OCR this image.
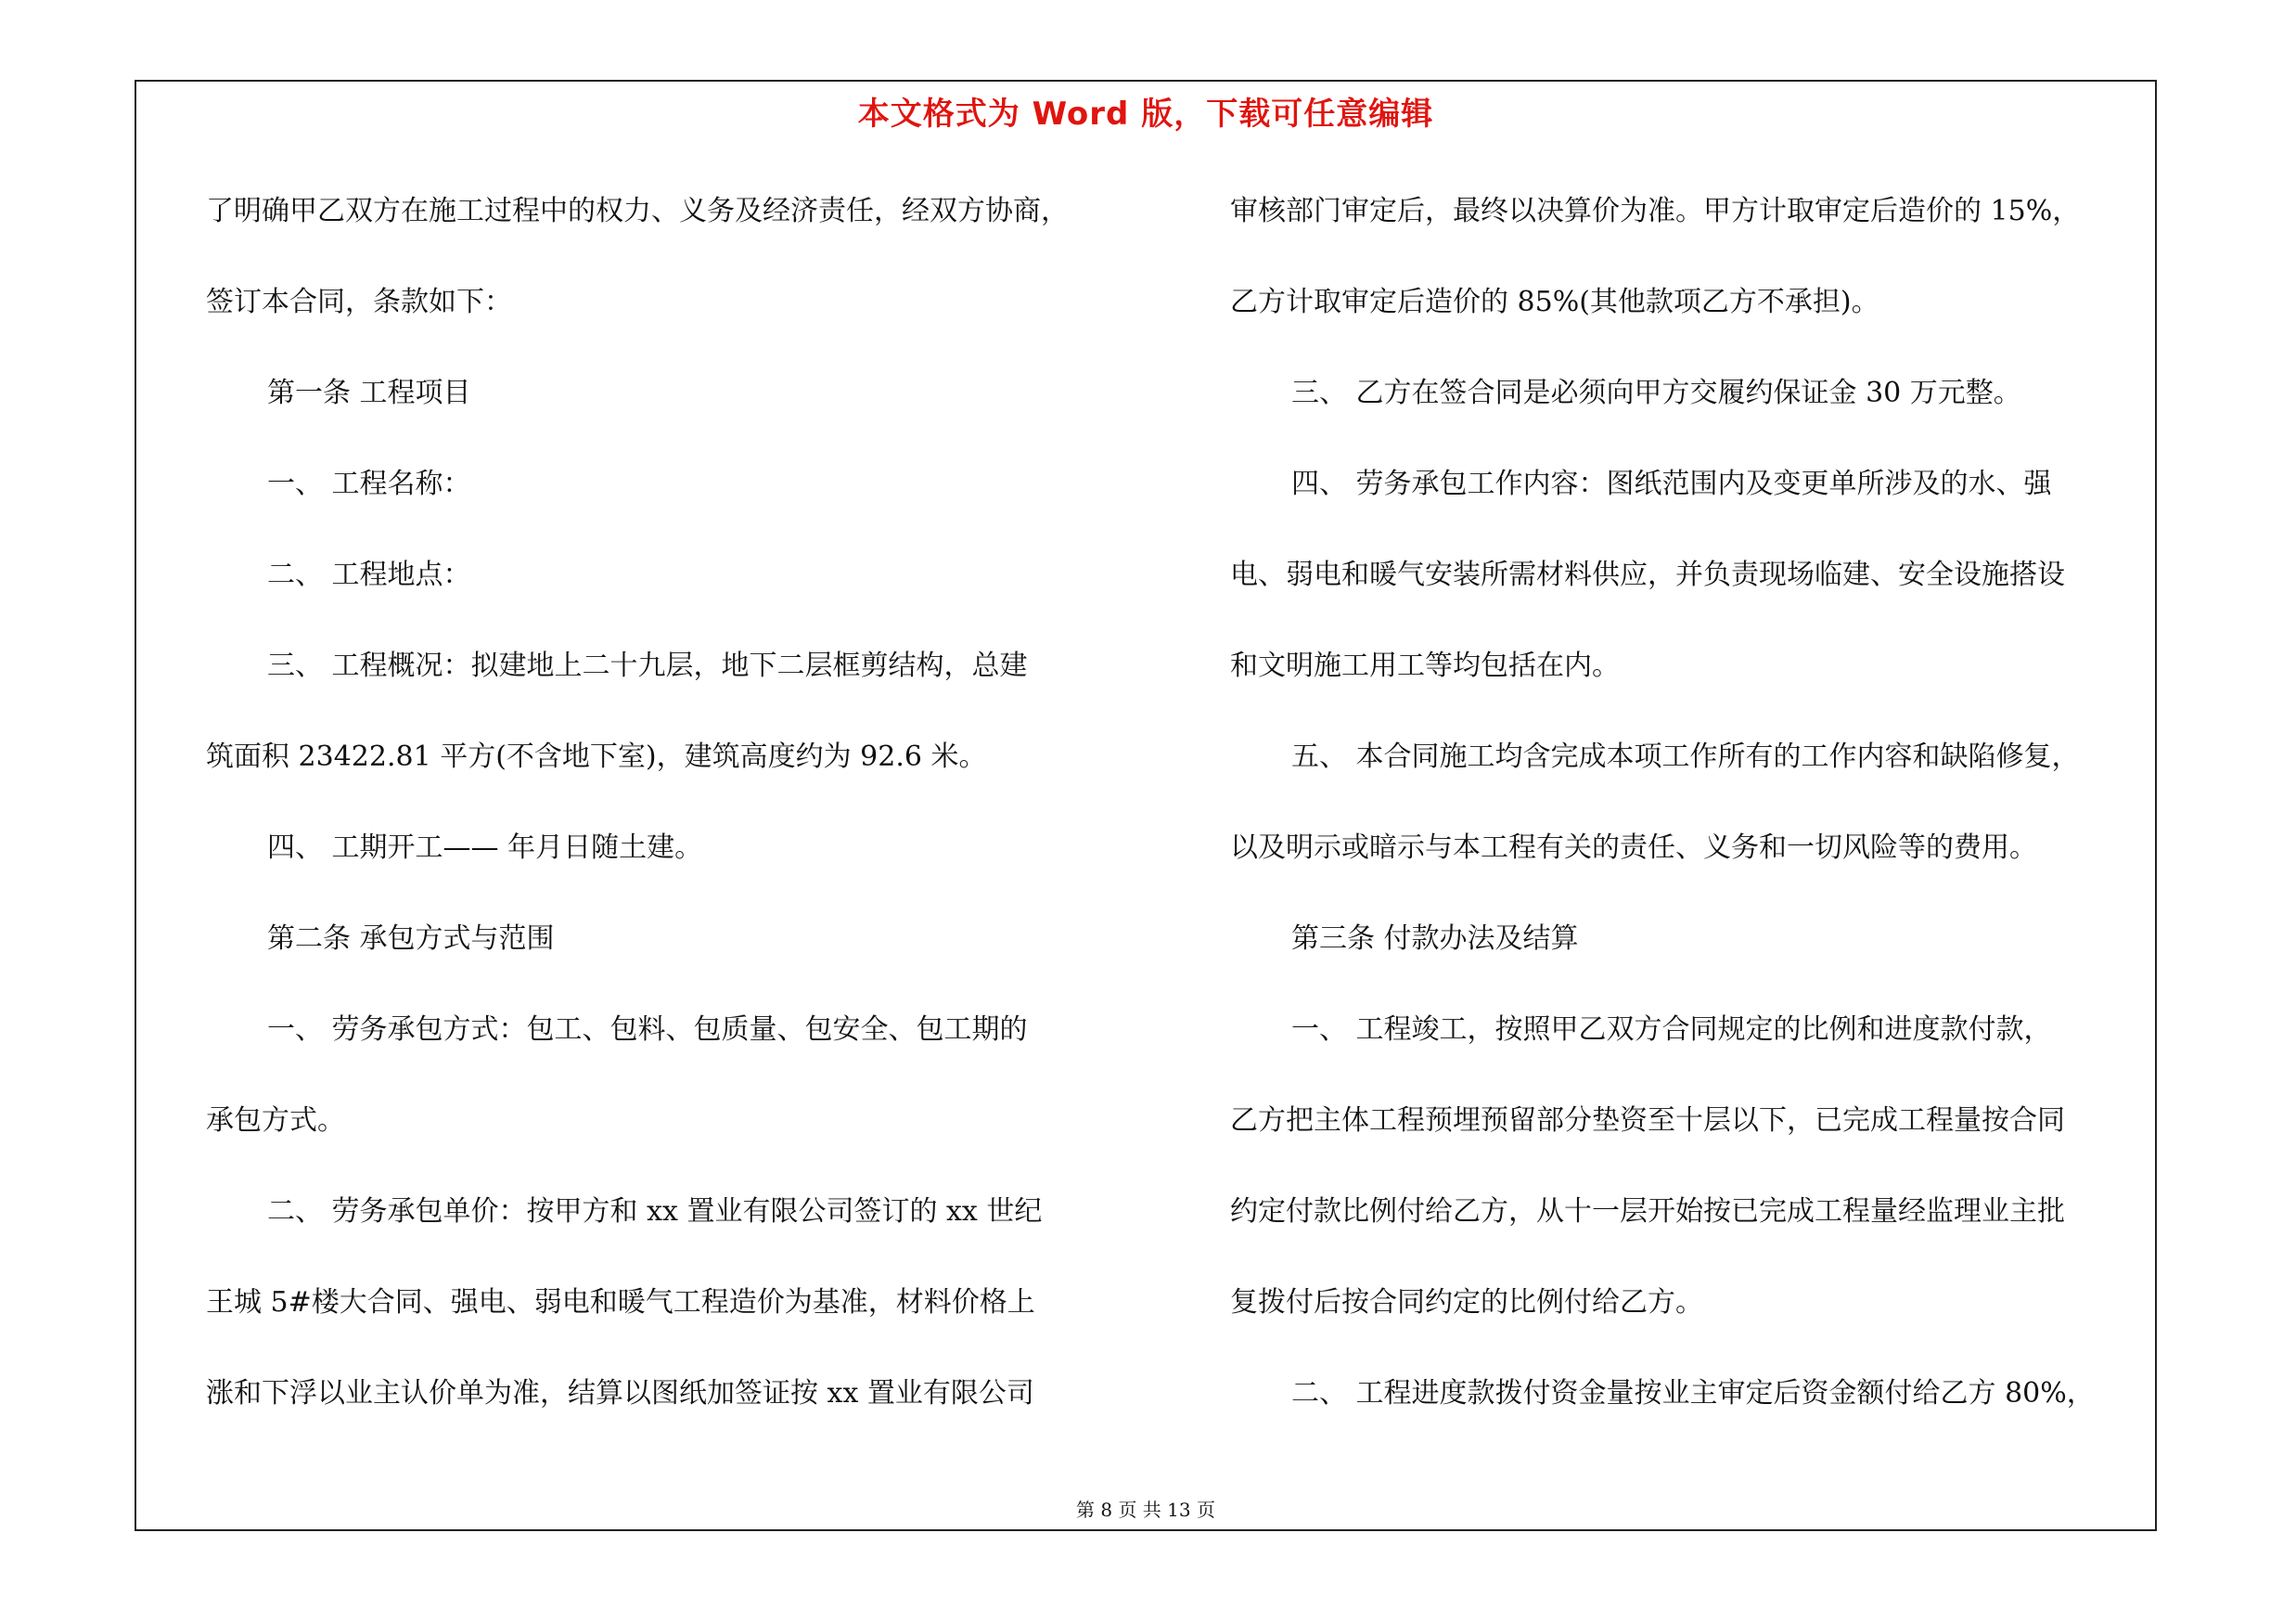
本文格式为 Word 版，下载可任意编辑
了明确甲乙双方在施工过程中的权力、义务及经济责任，经双方协商，
签订本合同，条款如下：
第一条 工程项目
一、 工程名称：
二、 工程地点：
三、 工程概况：拟建地上二十九层，地下二层框剪结构，总建
筑面积 23422.81 平方(不含地下室)，建筑高度约为 92.6 米。
四、 工期开工—— 年月日随土建。
第二条 承包方式与范围
一、 劳务承包方式：包工、包料、包质量、包安全、包工期的
承包方式。
二、 劳务承包单价：按甲方和 xx 置业有限公司签订的 xx 世纪
王城 5#楼大合同、强电、弱电和暖气工程造价为基准，材料价格上
涨和下浮以业主认价单为准，结算以图纸加签证按 xx 置业有限公司
审核部门审定后，最终以决算价为准。甲方计取审定后造价的 15%，
乙方计取审定后造价的 85%(其他款项乙方不承担)。
三、 乙方在签合同是必须向甲方交履约保证金 30 万元整。
四、 劳务承包工作内容：图纸范围内及变更单所涉及的水、强
电、弱电和暖气安装所需材料供应，并负责现场临建、安全设施搭设
和文明施工用工等均包括在内。
五、 本合同施工均含完成本项工作所有的工作内容和缺陷修复，
以及明示或暗示与本工程有关的责任、义务和一切风险等的费用。
第三条 付款办法及结算
一、 工程竣工，按照甲乙双方合同规定的比例和进度款付款，
乙方把主体工程预埋预留部分垫资至十层以下，已完成工程量按合同
约定付款比例付给乙方，从十一层开始按已完成工程量经监理业主批
复拨付后按合同约定的比例付给乙方。
二、 工程进度款拨付资金量按业主审定后资金额付给乙方 80%，
第 8 页 共 13 页
